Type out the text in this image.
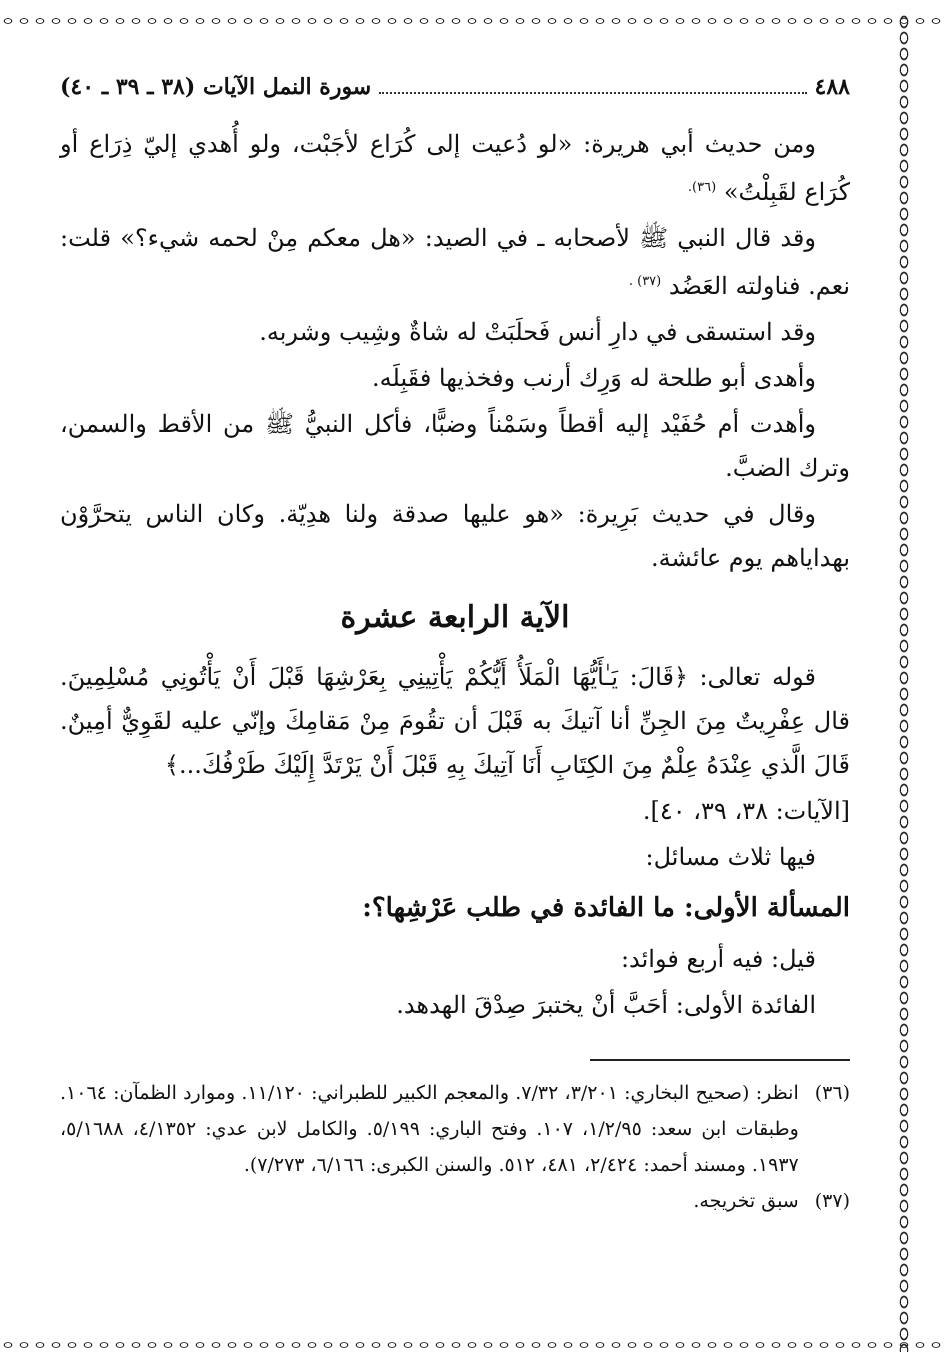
٤٨٨
سورة النمل الآيات (٣٨ ـ ٣٩ ـ ٤٠)

ومن حديث أبي هريرة: «لو دُعيت إلى كُرَاع لأجَبْت، ولو أُهدي إليّ ذِرَاع أو كُرَاع لقَبِلْتُ» $^{(٣٦).}$

وقد قال النبي ﷺ لأصحابه ـ في الصيد: «هل معكم مِنْ لحمه شيء؟» قلت: نعم. فناولته العَضُد $^{(٣٧) .}$

وقد استسقى في دارِ أنس فَحلَبَتْ له شاةٌ وشِيب وشربه.

وأهدى أبو طلحة له وَرِك أرنب وفخذيها فقَبِلَه.

وأهدت أم حُفَيْد إليه أقطاً وسَمْناً وضبًّا، فأكل النبيُّ ﷺ من الأقط والسمن، وترك الضبَّ.

وقال في حديث بَرِيرة: «هو عليها صدقة ولنا هدِيّة. وكان الناس يتحرَّوْن بهداياهم يوم عائشة.

الآية الرابعة عشرة

قوله تعالى: ﴿قَالَ: يَـٰأَيُّهَا الْمَلَأُ أَيُّكُمْ يَأْتِينِي بِعَرْشِهَا قَبْلَ أَنْ يَأْتُونِي مُسْلِمِينَ. قال عِفْرِيتٌ مِنَ الجِنِّ أنا آتيكَ به قَبْلَ أن تقُومَ مِنْ مَقامِكَ وإنّي عليه لقَوِيٌّ أمِينٌ. قَالَ الَّذي عِنْدَهُ عِلْمٌ مِنَ الكِتَابِ أَنَا آتِيكَ بِهِ قَبْلَ أَنْ يَرْتَدَّ إِلَيْكَ طَرْفُكَ...﴾

[الآيات: ٣٨، ٣٩، ٤٠].

فيها ثلاث مسائل:

المسألة الأولى: ما الفائدة في طلب عَرْشِها؟:

قيل: فيه أربع فوائد:

الفائدة الأولى: أحَبَّ أنْ يختبرَ صِدْقَ الهدهد.

(٣٦)
انظر: (صحيح البخاري: ٣/٢٠١، ٧/٣٢. والمعجم الكبير للطبراني: ١١/١٢٠. وموارد الظمآن: ١٠٦٤. وطبقات ابن سعد: ١/٢/٩٥، ١٠٧. وفتح الباري: ٥/١٩٩. والكامل لابن عدي: ٤/١٣٥٢، ٥/١٦٨٨، ١٩٣٧. ومسند أحمد: ٢/٤٢٤، ٤٨١، ٥١٢. والسنن الكبرى: ٦/١٦٦، ٧/٢٧٣).
(٣٧)
سبق تخريجه.
